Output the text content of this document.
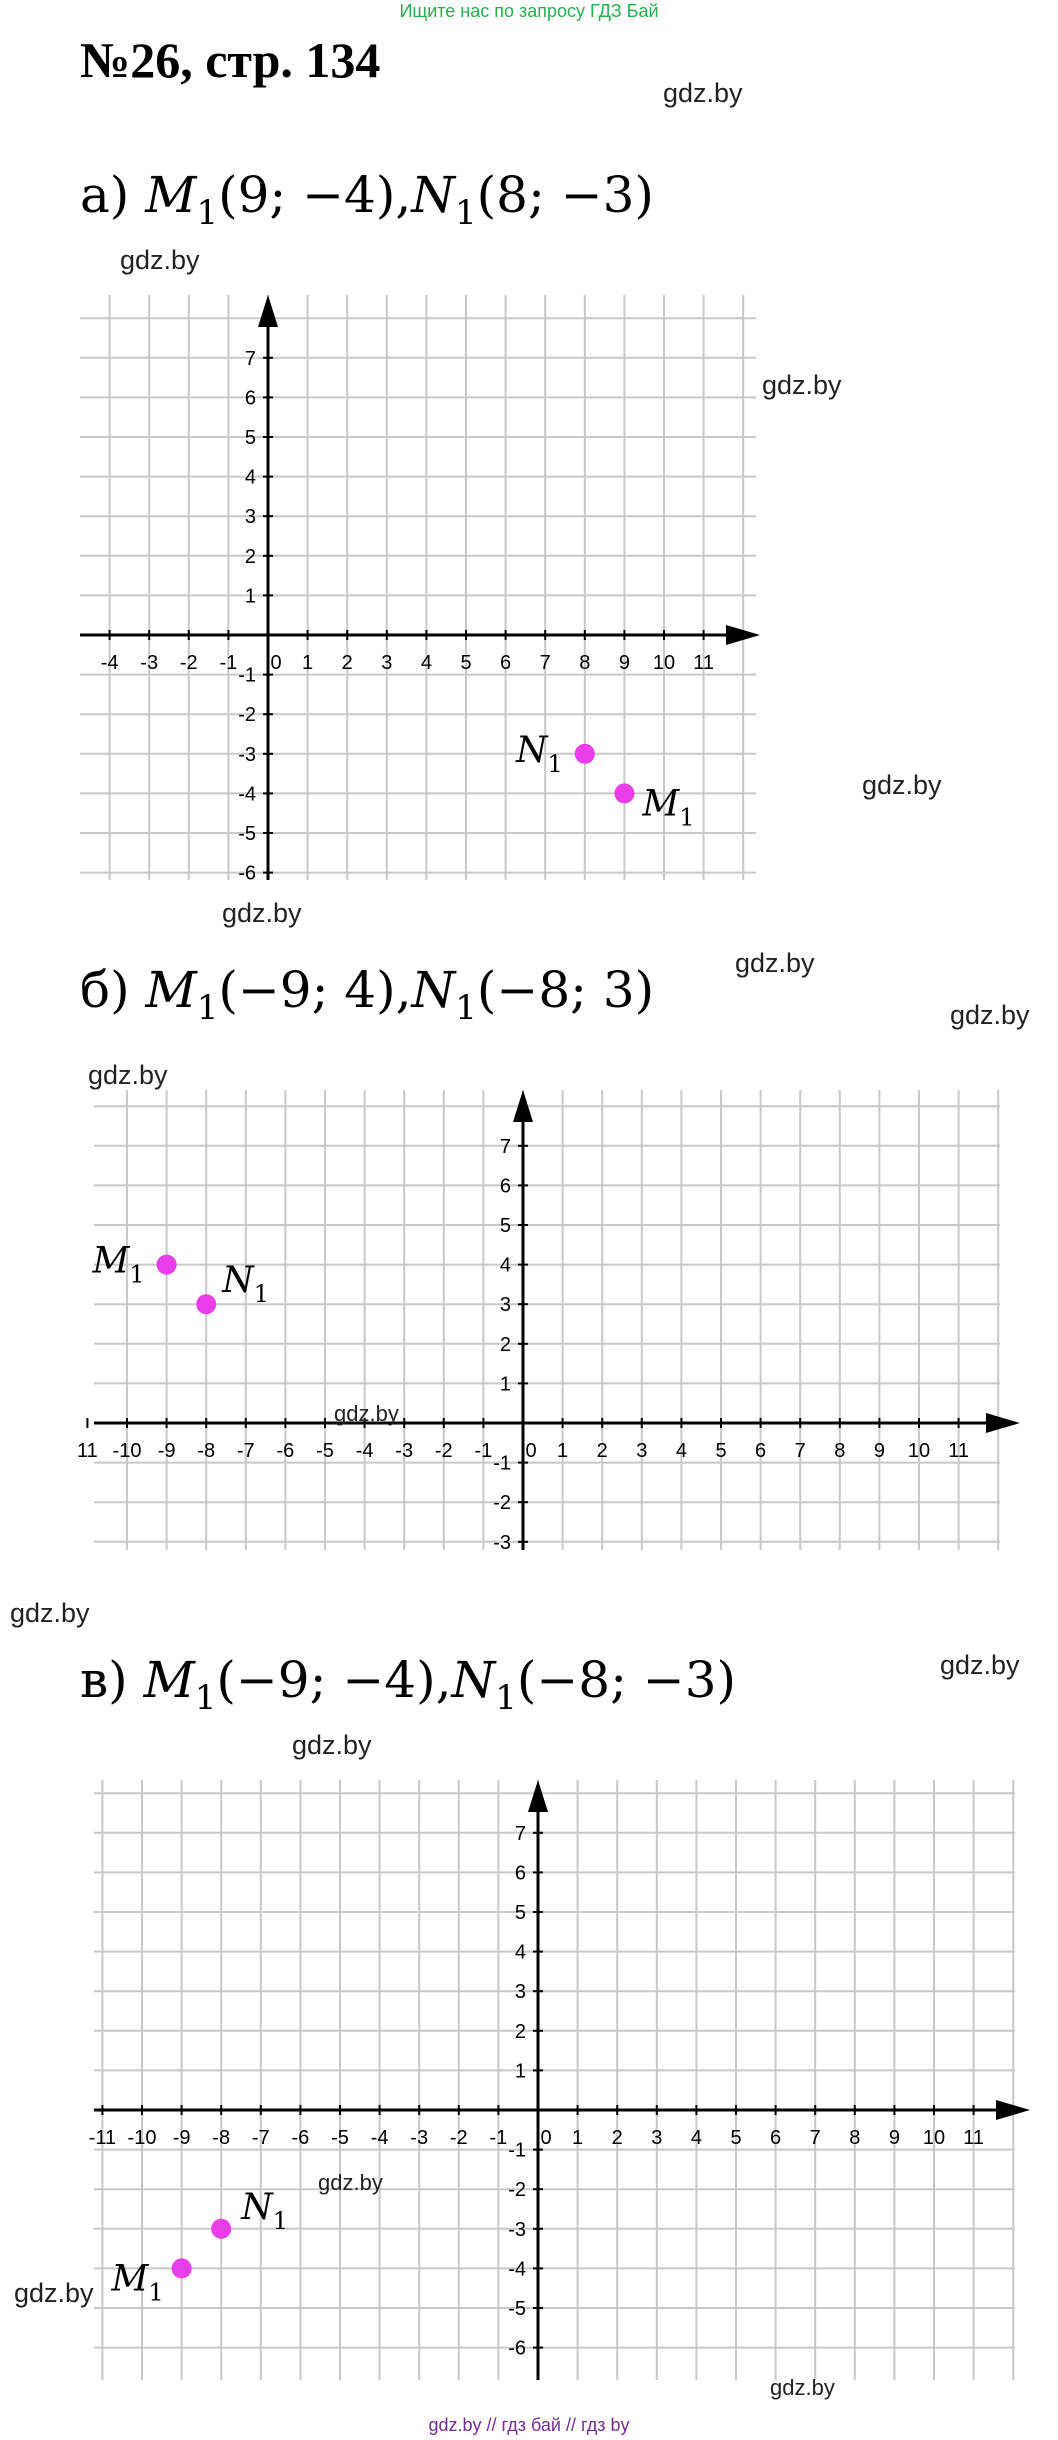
Ищите нас по запросу ГДЗ Бай
№26, стр. 134
gdz.by
а) $M_1(9$; $-4),N_1(8$; −3)
gdz.by
gdz.by
gdz.by
gdz.by
-4 -3 -2 -1 0 1 2 3 4 5 6 7 8 9 10 11
7
6
5
4
3
2
1
-1
-2
-3
-4
-5
-6
$M_1$
$N_1$
gdz.by
б) $M_1(-9$; $4),N_1(-8$; 3)	gdz.by
gdz.by
11 -10 -9 -8 -7 -6 -5 -4 -3 -2 -1 0 1 2 3 4 5 6 7 8 9 10 11
7
6
5
4
3
2
1
-1
-2
-3
$M_1$ $N_1$
gdz.by
gdz.by
в) $M_1(-9$; $-4),N_1(-8$; −3)	gdz.by
gdz.by
-11 -10 -9 -8 -7 -6 -5 -4 -3 -2 -1 0 1 2 3 4 5 6 7 8 9 10 11
7
6
5
4
3
2
1
-1
-2
-3
-4
-5
-6
$M_1$
$N_1$
gdz.by
gdz.by
gdz.by
gdz.by // гдз бай // гдз by
